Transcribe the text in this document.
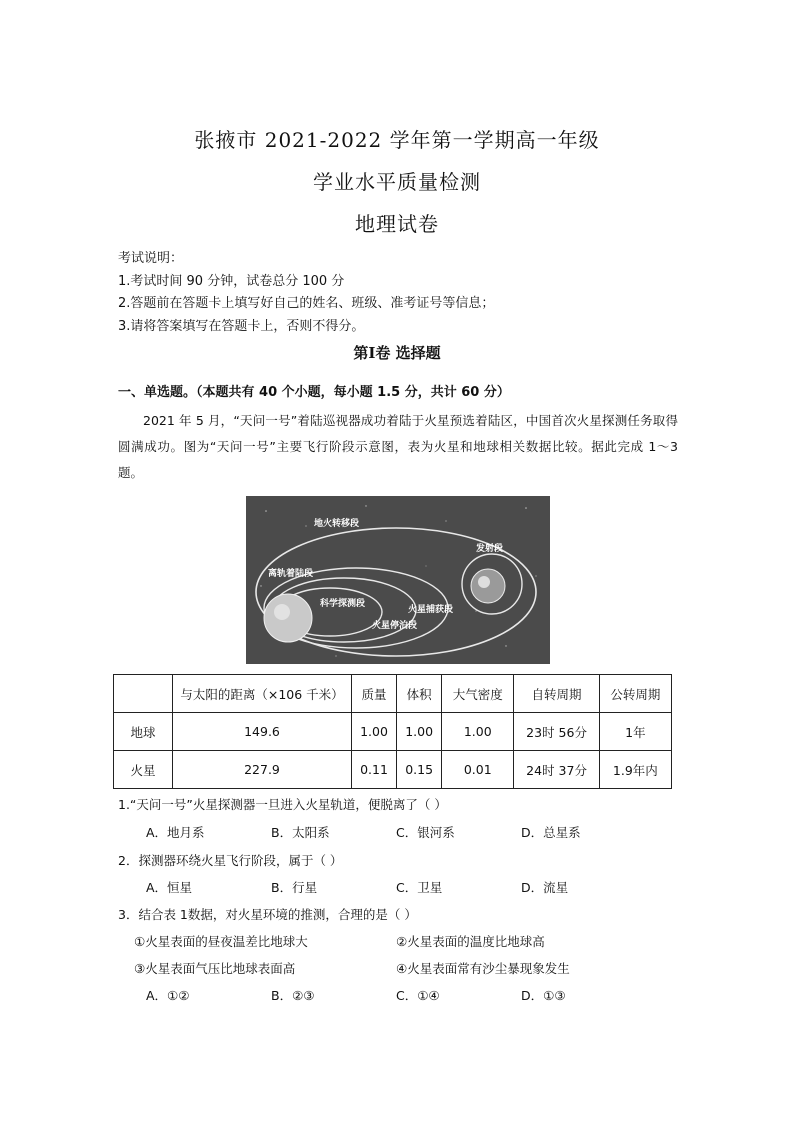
张掖市 2021-2022 学年第一学期高一年级
学业水平质量检测
地理试卷
考试说明：
1.考试时间 90 分钟，试卷总分 100 分
2.答题前在答题卡上填写好自己的姓名、班级、准考证号等信息；
3.请将答案填写在答题卡上，否则不得分。
第Ⅰ卷 选择题
一、单选题。（本题共有 40 个小题，每小题 1.5 分，共计 60 分）
2021 年 5 月，“天问一号”着陆巡视器成功着陆于火星预选着陆区，中国首次火星探测任务取得圆满成功。图为“天问一号”主要飞行阶段示意图，表为火星和地球相关数据比较。据此完成 1～3 题。
地火转移段
发射段
离轨着陆段
科学探测段
火星捕获段
火星停泊段
	与太阳的距离（×106 千米）	质量	体积	大气密度	自转周期	公转周期
地球	149.6	1.00	1.00	1.00	23时 56分	1年
火星	227.9	0.11	0.15	0.01	24时 37分	1.9年内
1.“天问一号”火星探测器一旦进入火星轨道，便脱离了（ ）
A．地月系	B．太阳系	C．银河系	D．总星系
2．探测器环绕火星飞行阶段，属于（ ）
A．恒星	B．行星	C．卫星	D．流星
3．结合表 1数据，对火星环境的推测，合理的是（ ）
①火星表面的昼夜温差比地球大	②火星表面的温度比地球高
③火星表面气压比地球表面高	④火星表面常有沙尘暴现象发生
A．①②	B．②③	C．①④	D．①③
